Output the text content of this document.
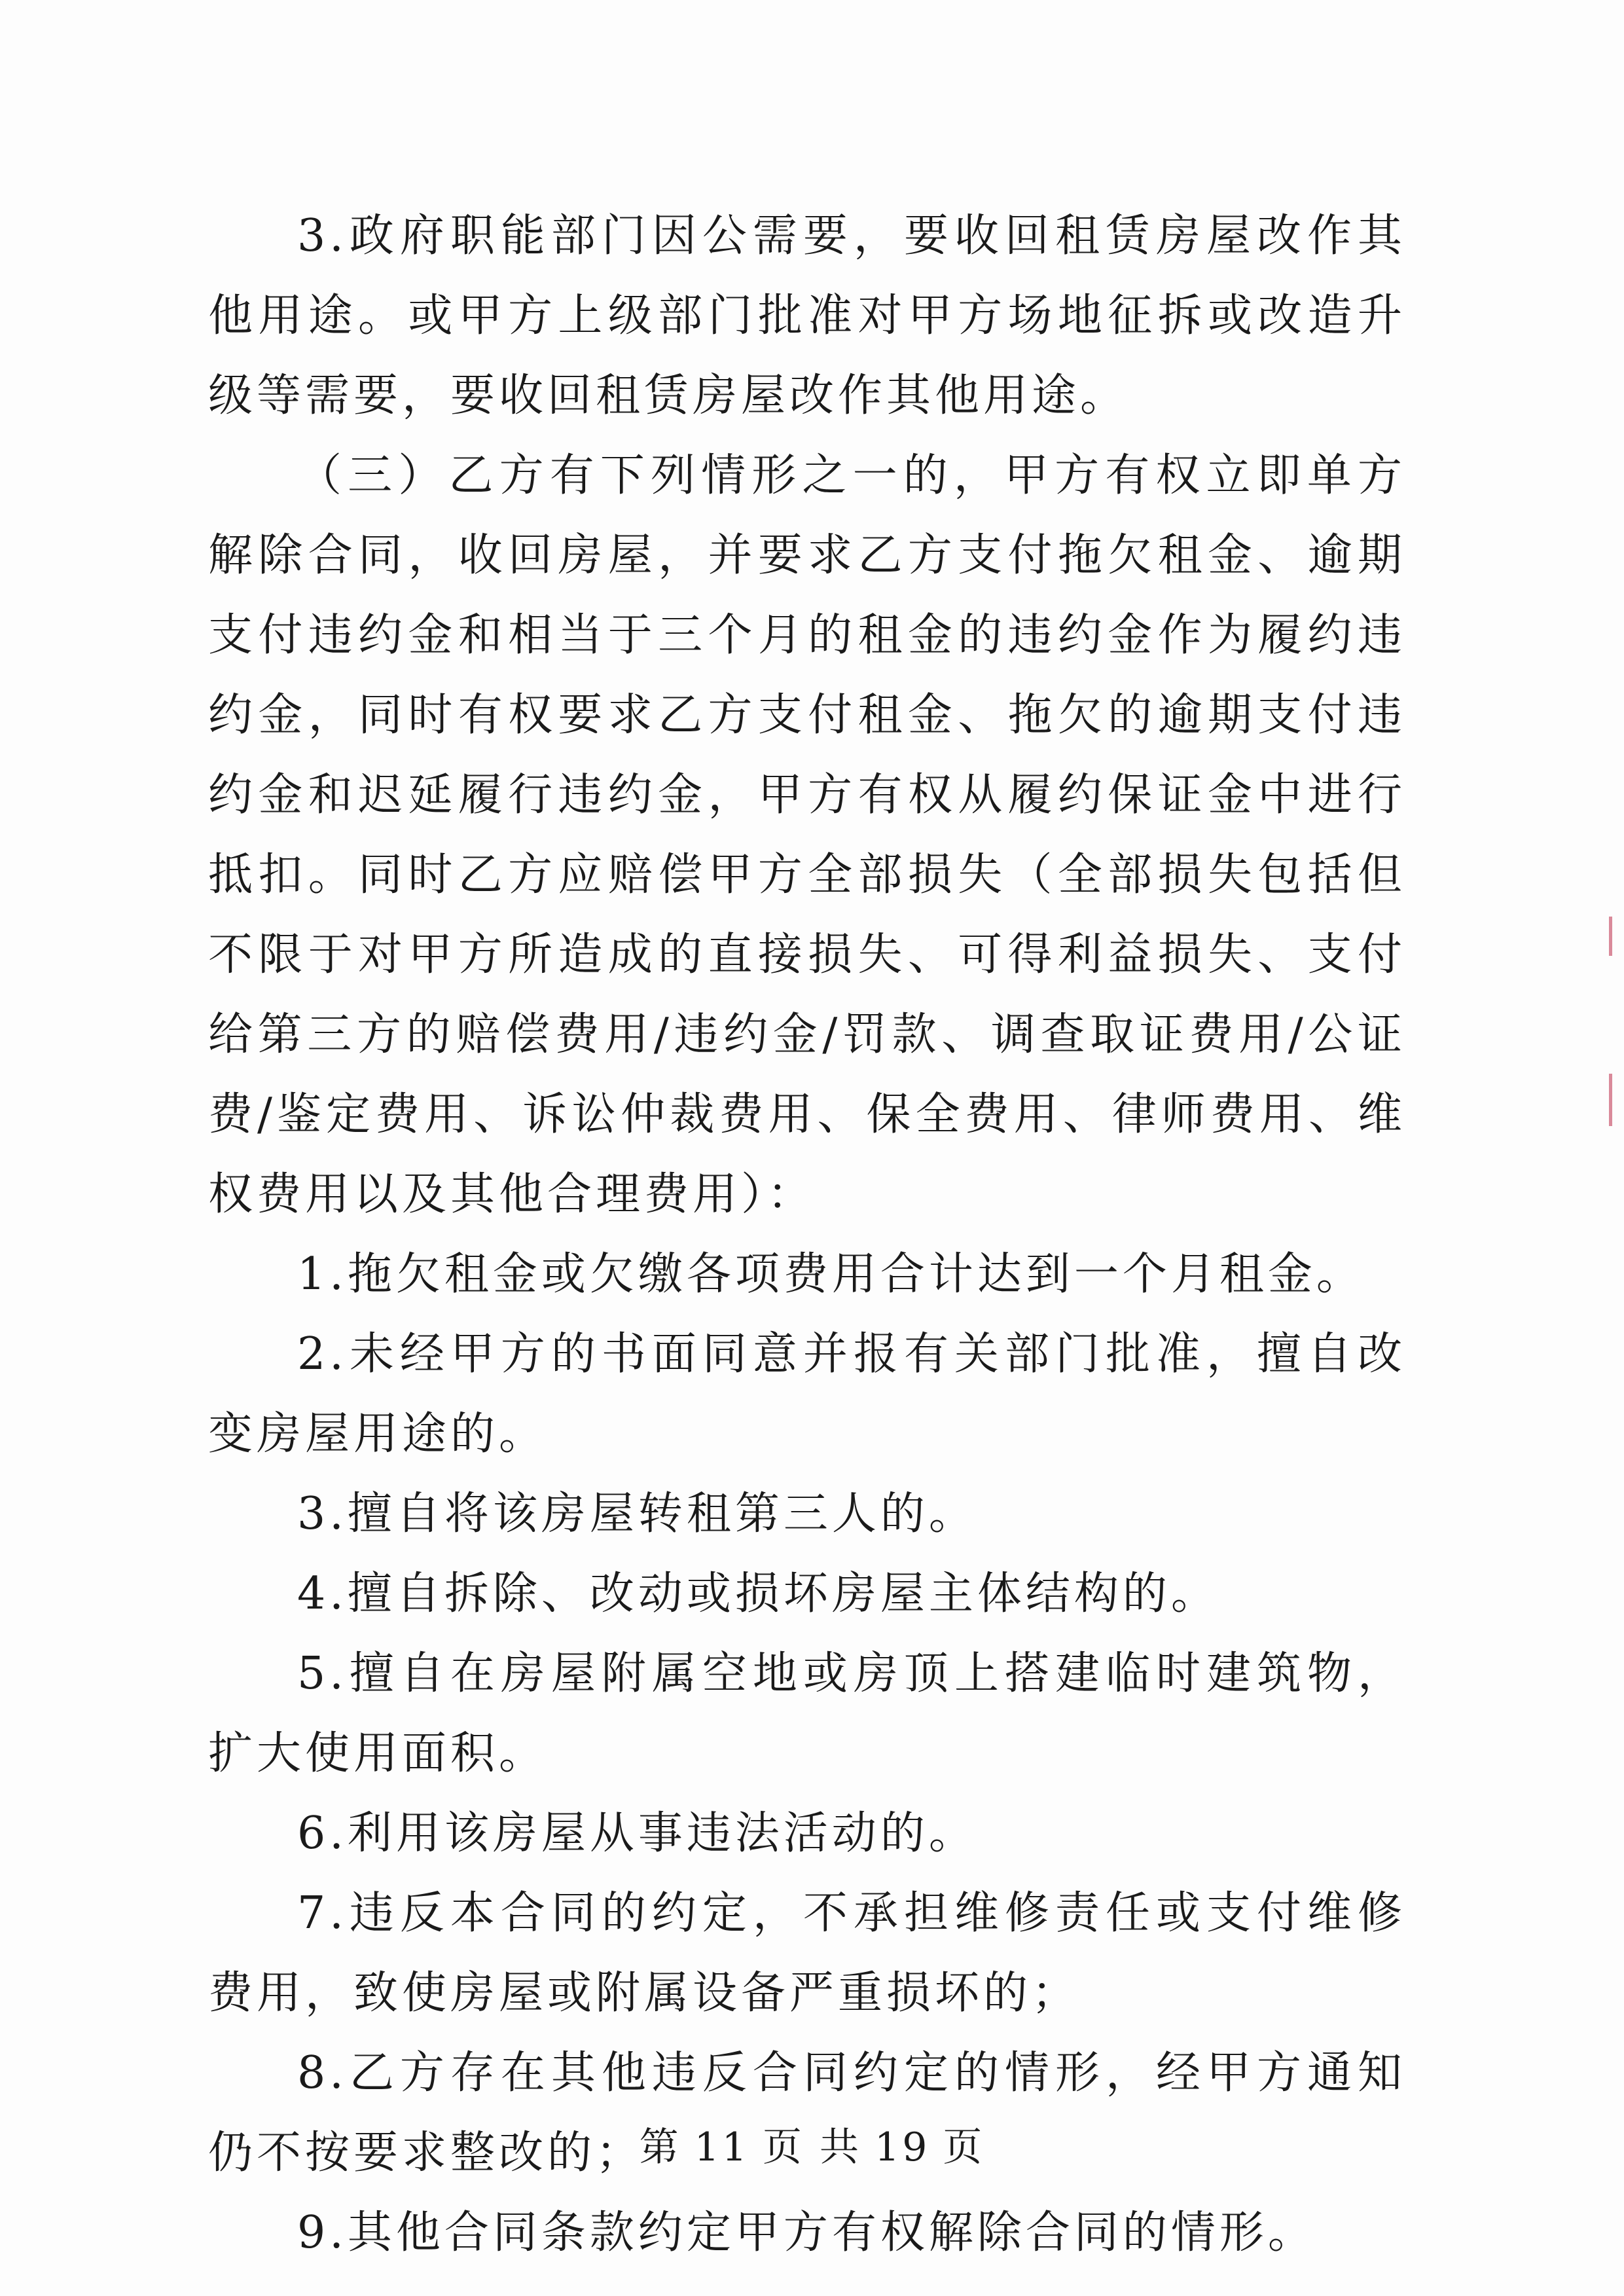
3.政府职能部门因公需要，要收回租赁房屋改作其他用途。或甲方上级部门批准对甲方场地征拆或改造升级等需要，要收回租赁房屋改作其他用途。

（三）乙方有下列情形之一的，甲方有权立即单方解除合同，收回房屋，并要求乙方支付拖欠租金、逾期支付违约金和相当于三个月的租金的违约金作为履约违约金，同时有权要求乙方支付租金、拖欠的逾期支付违约金和迟延履行违约金，甲方有权从履约保证金中进行抵扣。同时乙方应赔偿甲方全部损失（全部损失包括但不限于对甲方所造成的直接损失、可得利益损失、支付给第三方的赔偿费用/违约金/罚款、调查取证费用/公证费/鉴定费用、诉讼仲裁费用、保全费用、律师费用、维权费用以及其他合理费用）：

1.拖欠租金或欠缴各项费用合计达到一个月租金。

2.未经甲方的书面同意并报有关部门批准，擅自改变房屋用途的。

3.擅自将该房屋转租第三人的。

4.擅自拆除、改动或损坏房屋主体结构的。

5.擅自在房屋附属空地或房顶上搭建临时建筑物，扩大使用面积。

6.利用该房屋从事违法活动的。

7.违反本合同的约定，不承担维修责任或支付维修费用，致使房屋或附属设备严重损坏的；

8.乙方存在其他违反合同约定的情形，经甲方通知仍不按要求整改的；

9.其他合同条款约定甲方有权解除合同的情形。

第 11 页 共 19 页
